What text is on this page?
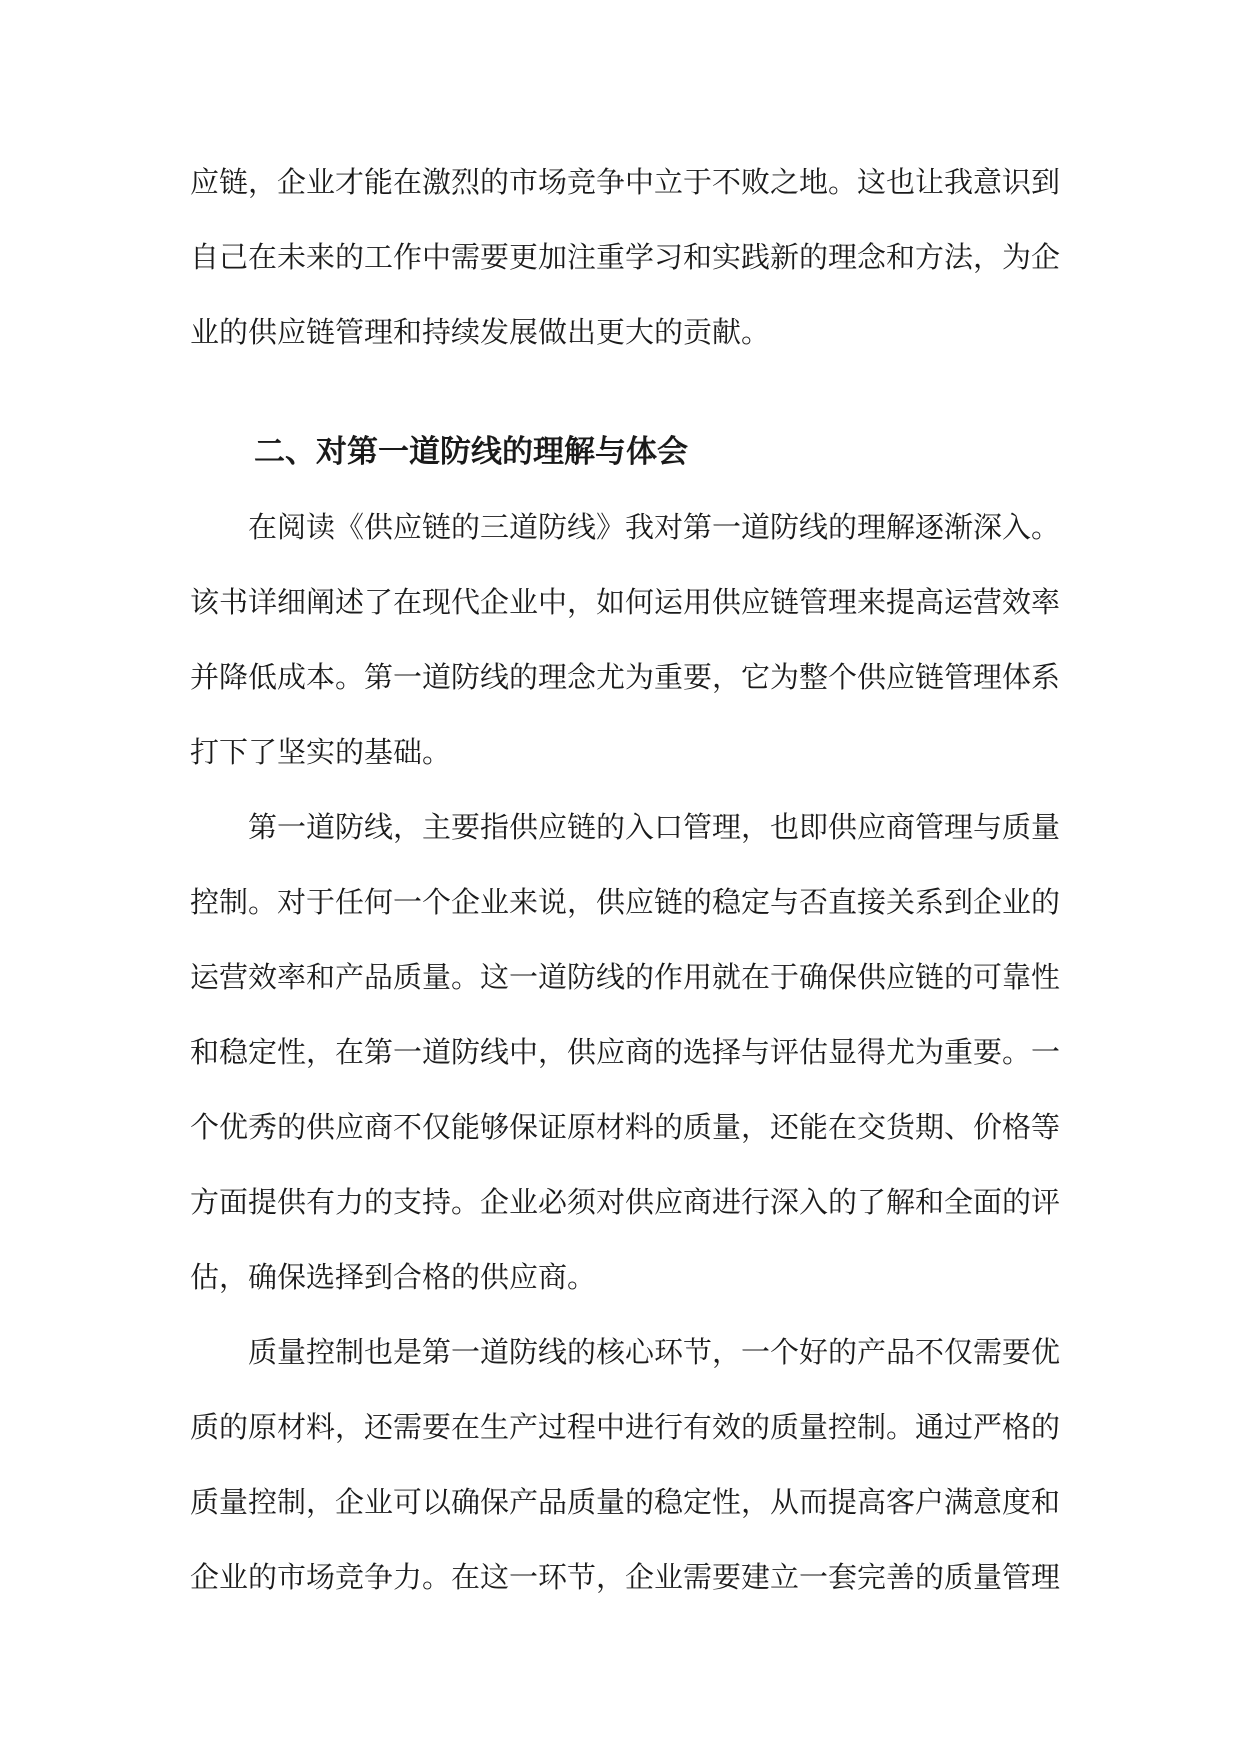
应链，企业才能在激烈的市场竞争中立于不败之地。这也让我意识到
自己在未来的工作中需要更加注重学习和实践新的理念和方法，为企
业的供应链管理和持续发展做出更大的贡献。
二、对第一道防线的理解与体会
在阅读《供应链的三道防线》我对第一道防线的理解逐渐深入。
该书详细阐述了在现代企业中，如何运用供应链管理来提高运营效率
并降低成本。第一道防线的理念尤为重要，它为整个供应链管理体系
打下了坚实的基础。
第一道防线，主要指供应链的入口管理，也即供应商管理与质量
控制。对于任何一个企业来说，供应链的稳定与否直接关系到企业的
运营效率和产品质量。这一道防线的作用就在于确保供应链的可靠性
和稳定性，在第一道防线中，供应商的选择与评估显得尤为重要。一
个优秀的供应商不仅能够保证原材料的质量，还能在交货期、价格等
方面提供有力的支持。企业必须对供应商进行深入的了解和全面的评
估，确保选择到合格的供应商。
质量控制也是第一道防线的核心环节，一个好的产品不仅需要优
质的原材料，还需要在生产过程中进行有效的质量控制。通过严格的
质量控制，企业可以确保产品质量的稳定性，从而提高客户满意度和
企业的市场竞争力。在这一环节，企业需要建立一套完善的质量管理
